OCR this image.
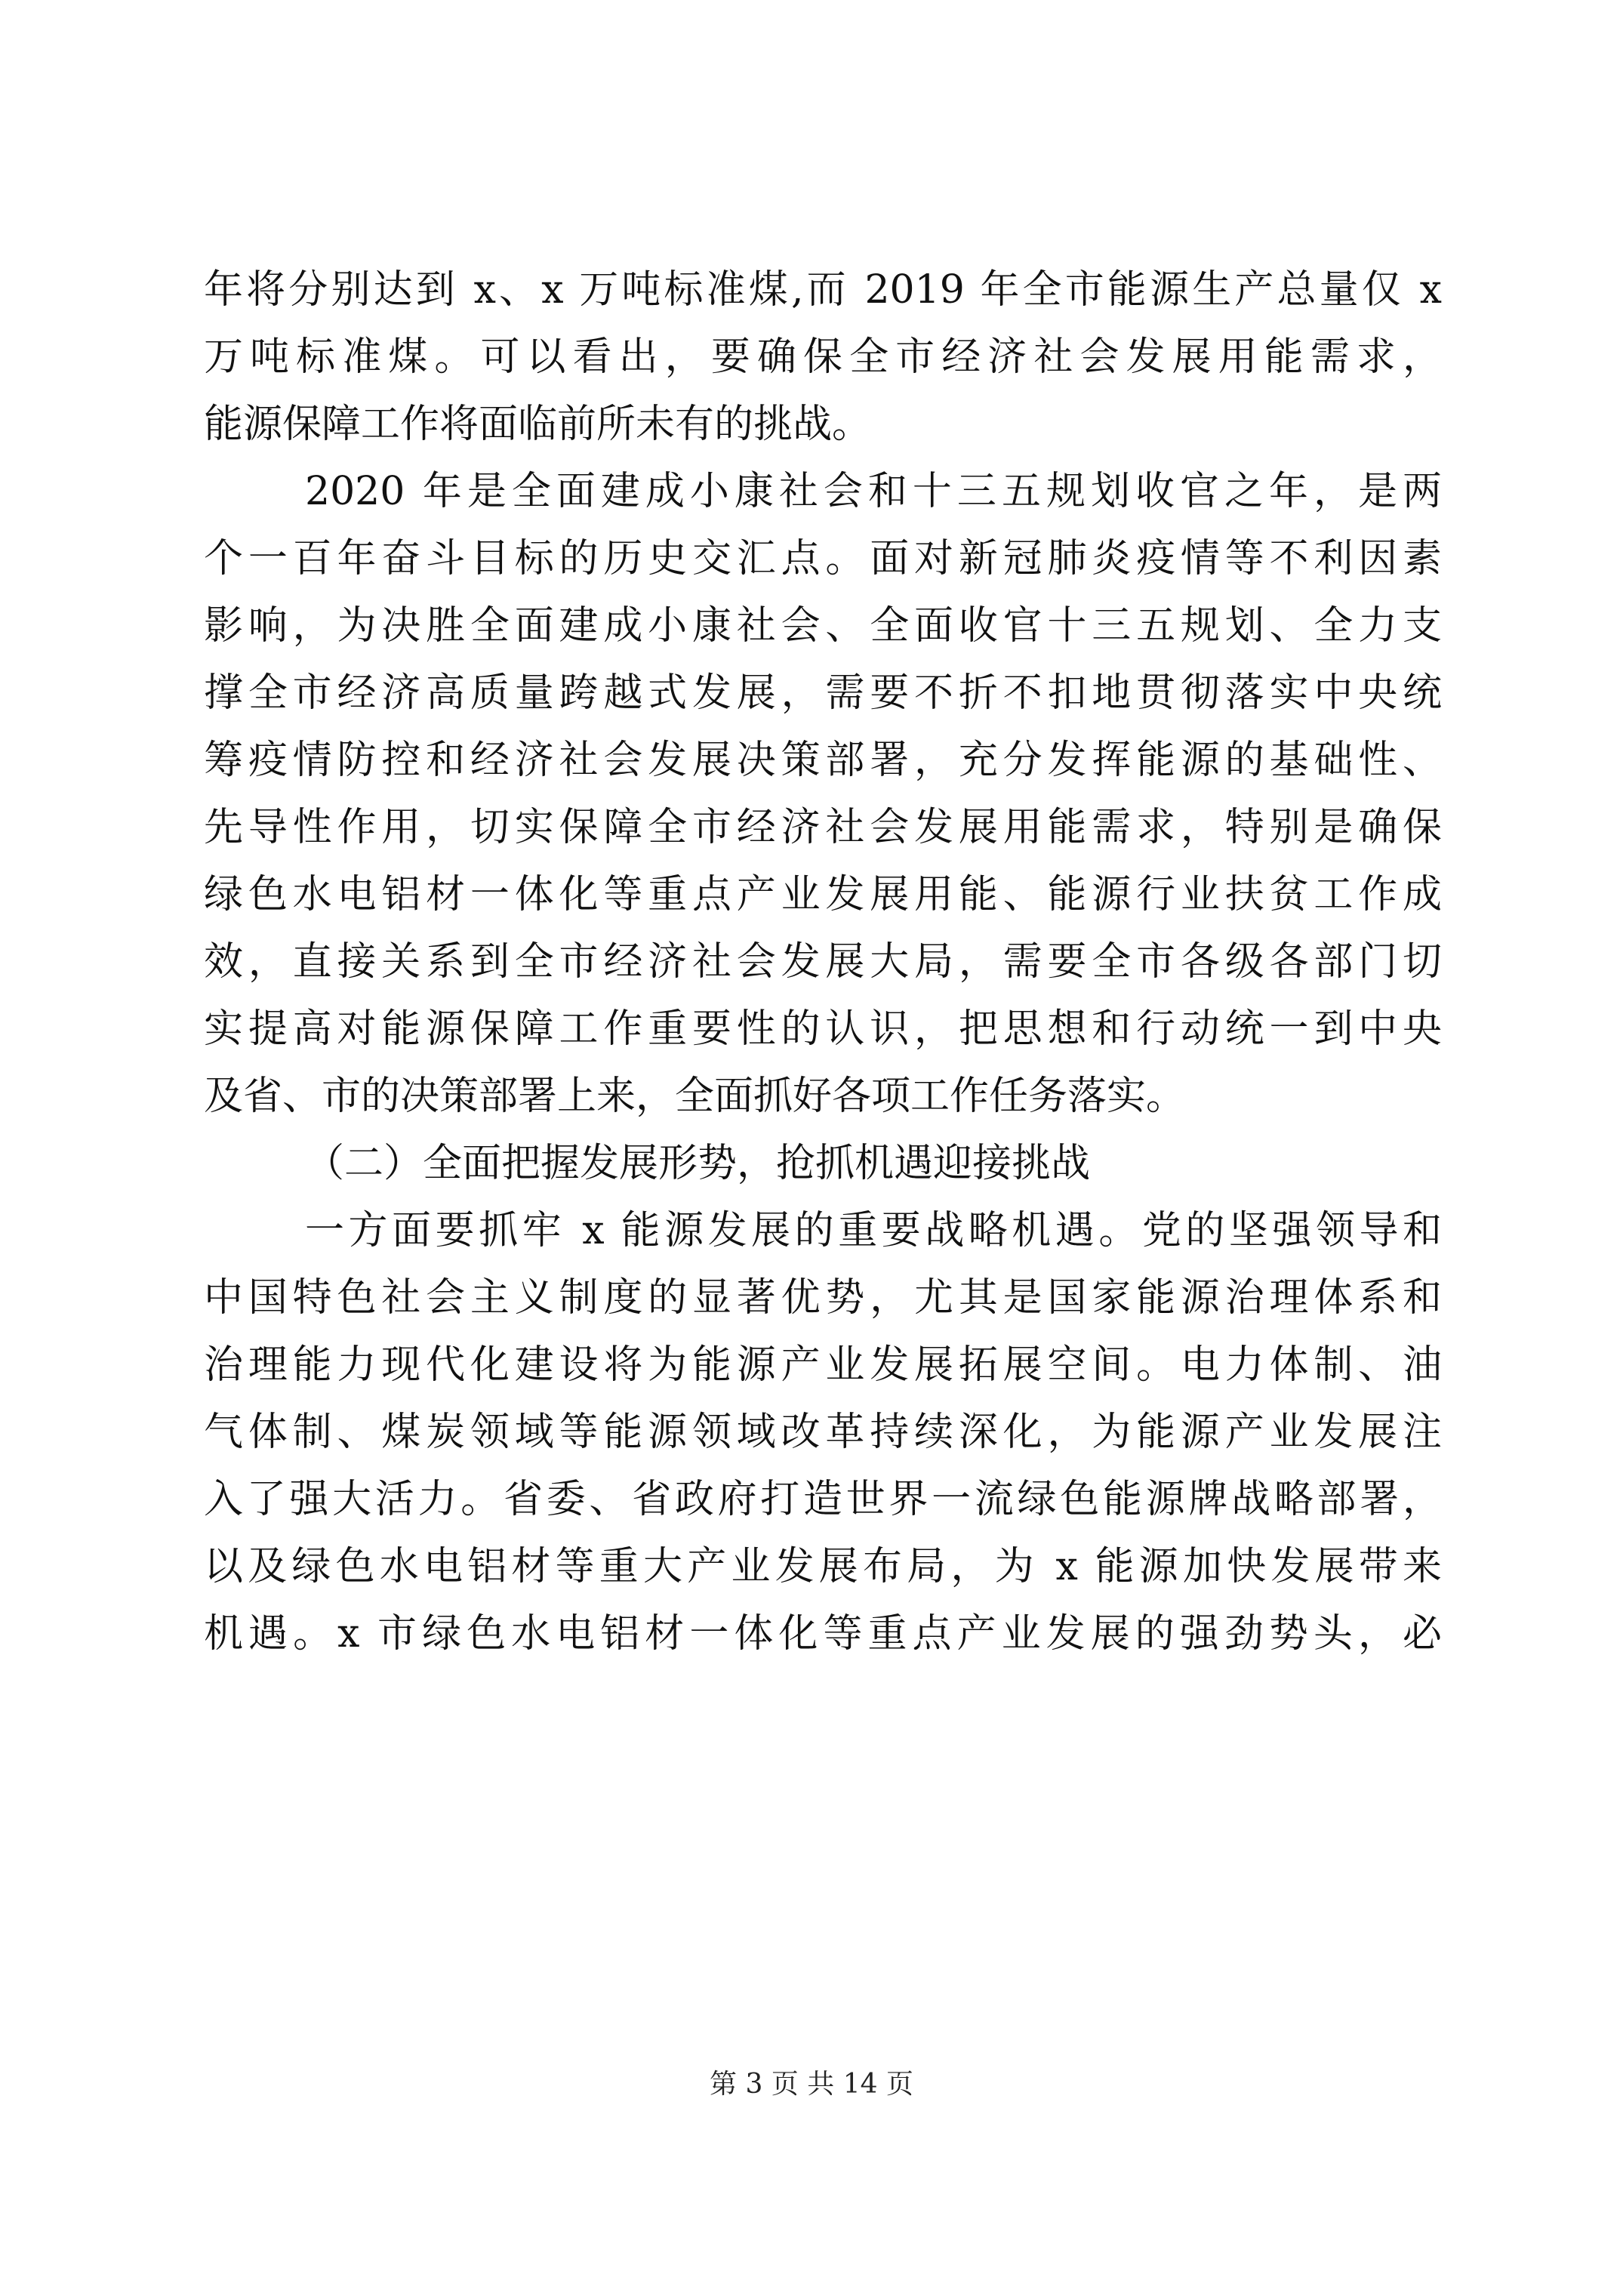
年将分别达到 x、x 万吨标准煤,而 2019 年全市能源生产总量仅 x
万吨标准煤。可以看出，要确保全市经济社会发展用能需求，
能源保障工作将面临前所未有的挑战。
2020 年是全面建成小康社会和十三五规划收官之年，是两
个一百年奋斗目标的历史交汇点。面对新冠肺炎疫情等不利因素
影响，为决胜全面建成小康社会、全面收官十三五规划、全力支
撑全市经济高质量跨越式发展，需要不折不扣地贯彻落实中央统
筹疫情防控和经济社会发展决策部署，充分发挥能源的基础性、
先导性作用，切实保障全市经济社会发展用能需求，特别是确保
绿色水电铝材一体化等重点产业发展用能、能源行业扶贫工作成
效，直接关系到全市经济社会发展大局，需要全市各级各部门切
实提高对能源保障工作重要性的认识，把思想和行动统一到中央
及省、市的决策部署上来，全面抓好各项工作任务落实。
（二）全面把握发展形势，抢抓机遇迎接挑战
一方面要抓牢 x 能源发展的重要战略机遇。党的坚强领导和
中国特色社会主义制度的显著优势，尤其是国家能源治理体系和
治理能力现代化建设将为能源产业发展拓展空间。电力体制、油
气体制、煤炭领域等能源领域改革持续深化，为能源产业发展注
入了强大活力。省委、省政府打造世界一流绿色能源牌战略部署，
以及绿色水电铝材等重大产业发展布局，为 x 能源加快发展带来
机遇。x 市绿色水电铝材一体化等重点产业发展的强劲势头，必
第 3 页 共 14 页
